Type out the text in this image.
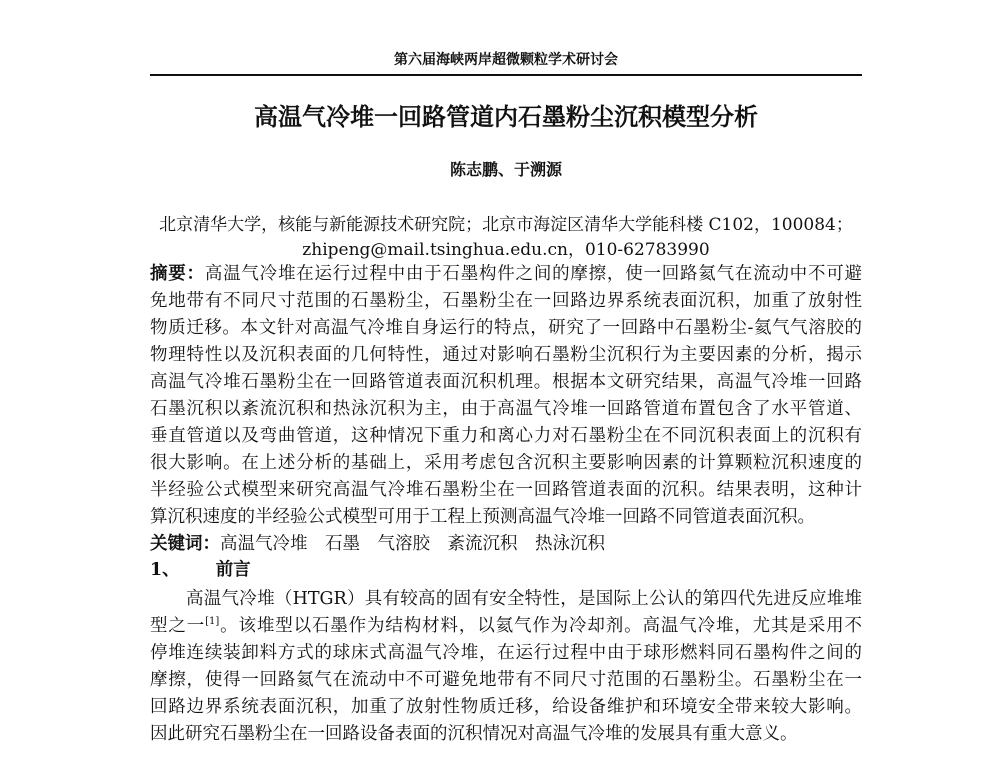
第六届海峡两岸超微颗粒学术研讨会
高温气冷堆一回路管道内石墨粉尘沉积模型分析
陈志鹏、于溯源
北京清华大学，核能与新能源技术研究院；北京市海淀区清华大学能科楼 C102，100084；
zhipeng@mail.tsinghua.edu.cn，010-62783990
摘要：高温气冷堆在运行过程中由于石墨构件之间的摩擦，使一回路氦气在流动中不可避
免地带有不同尺寸范围的石墨粉尘，石墨粉尘在一回路边界系统表面沉积，加重了放射性
物质迁移。本文针对高温气冷堆自身运行的特点，研究了一回路中石墨粉尘-氦气气溶胶的
物理特性以及沉积表面的几何特性，通过对影响石墨粉尘沉积行为主要因素的分析，揭示
高温气冷堆石墨粉尘在一回路管道表面沉积机理。根据本文研究结果，高温气冷堆一回路
石墨沉积以紊流沉积和热泳沉积为主，由于高温气冷堆一回路管道布置包含了水平管道、
垂直管道以及弯曲管道，这种情况下重力和离心力对石墨粉尘在不同沉积表面上的沉积有
很大影响。在上述分析的基础上，采用考虑包含沉积主要影响因素的计算颗粒沉积速度的
半经验公式模型来研究高温气冷堆石墨粉尘在一回路管道表面的沉积。结果表明，这种计
算沉积速度的半经验公式模型可用于工程上预测高温气冷堆一回路不同管道表面沉积。
关键词：高温气冷堆  石墨  气溶胶  紊流沉积  热泳沉积
1、 前言
高温气冷堆（HTGR）具有较高的固有安全特性，是国际上公认的第四代先进反应堆堆
型之一[1]。该堆型以石墨作为结构材料，以氦气作为冷却剂。高温气冷堆，尤其是采用不
停堆连续装卸料方式的球床式高温气冷堆，在运行过程中由于球形燃料同石墨构件之间的
摩擦，使得一回路氦气在流动中不可避免地带有不同尺寸范围的石墨粉尘。石墨粉尘在一
回路边界系统表面沉积，加重了放射性物质迁移，给设备维护和环境安全带来较大影响。
因此研究石墨粉尘在一回路设备表面的沉积情况对高温气冷堆的发展具有重大意义。
